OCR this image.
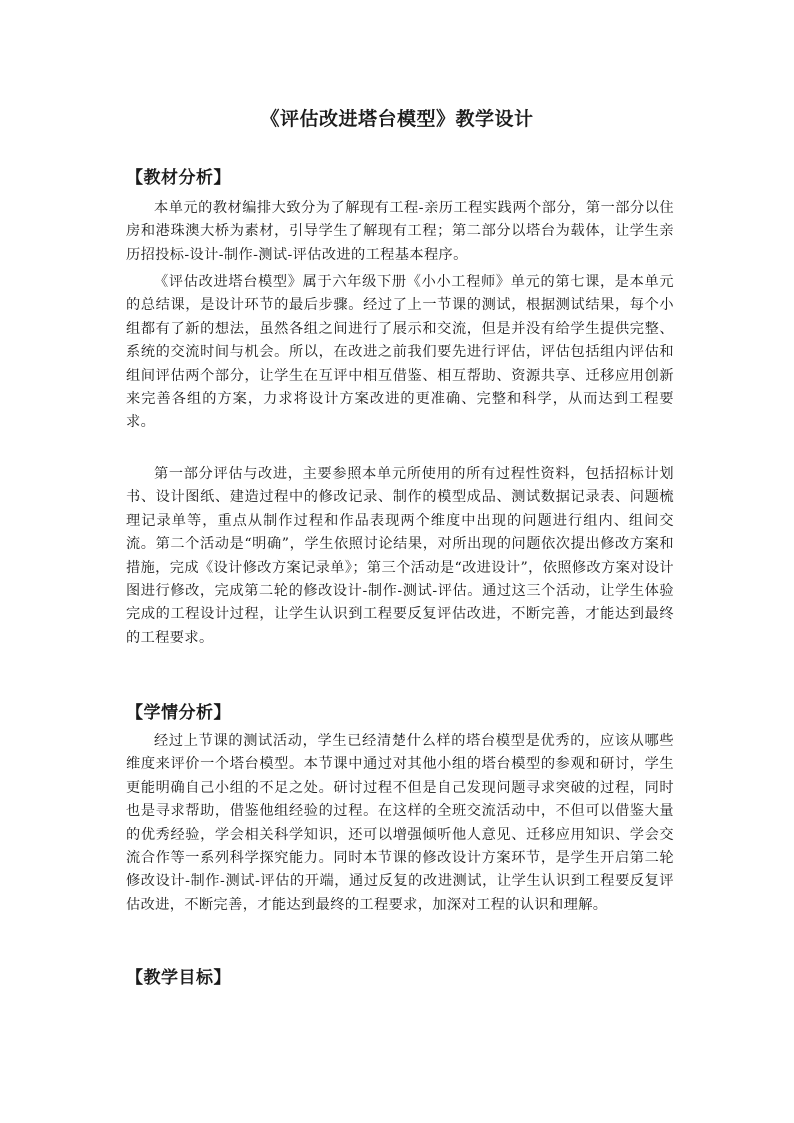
《评估改进塔台模型》教学设计
【教材分析】

本单元的教材编排大致分为了解现有工程-亲历工程实践两个部分，第一部分以住房和港珠澳大桥为素材，引导学生了解现有工程；第二部分以塔台为载体，让学生亲历招投标-设计-制作-测试-评估改进的工程基本程序。

《评估改进塔台模型》属于六年级下册《小小工程师》单元的第七课，是本单元的总结课，是设计环节的最后步骤。经过了上一节课的测试，根据测试结果，每个小组都有了新的想法，虽然各组之间进行了展示和交流，但是并没有给学生提供完整、系统的交流时间与机会。所以，在改进之前我们要先进行评估，评估包括组内评估和组间评估两个部分，让学生在互评中相互借鉴、相互帮助、资源共享、迁移应用创新来完善各组的方案，力求将设计方案改进的更准确、完整和科学，从而达到工程要求。

第一部分评估与改进，主要参照本单元所使用的所有过程性资料，包括招标计划书、设计图纸、建造过程中的修改记录、制作的模型成品、测试数据记录表、问题梳理记录单等，重点从制作过程和作品表现两个维度中出现的问题进行组内、组间交流。第二个活动是“明确”，学生依照讨论结果，对所出现的问题依次提出修改方案和措施，完成《设计修改方案记录单》；第三个活动是“改进设计”，依照修改方案对设计图进行修改，完成第二轮的修改设计-制作-测试-评估。通过这三个活动，让学生体验完成的工程设计过程，让学生认识到工程要反复评估改进，不断完善，才能达到最终的工程要求。

【学情分析】

经过上节课的测试活动，学生已经清楚什么样的塔台模型是优秀的，应该从哪些维度来评价一个塔台模型。本节课中通过对其他小组的塔台模型的参观和研讨，学生更能明确自己小组的不足之处。研讨过程不但是自己发现问题寻求突破的过程，同时也是寻求帮助，借鉴他组经验的过程。在这样的全班交流活动中，不但可以借鉴大量的优秀经验，学会相关科学知识，还可以增强倾听他人意见、迁移应用知识、学会交流合作等一系列科学探究能力。同时本节课的修改设计方案环节，是学生开启第二轮修改设计-制作-测试-评估的开端，通过反复的改进测试，让学生认识到工程要反复评估改进，不断完善，才能达到最终的工程要求，加深对工程的认识和理解。

【教学目标】
